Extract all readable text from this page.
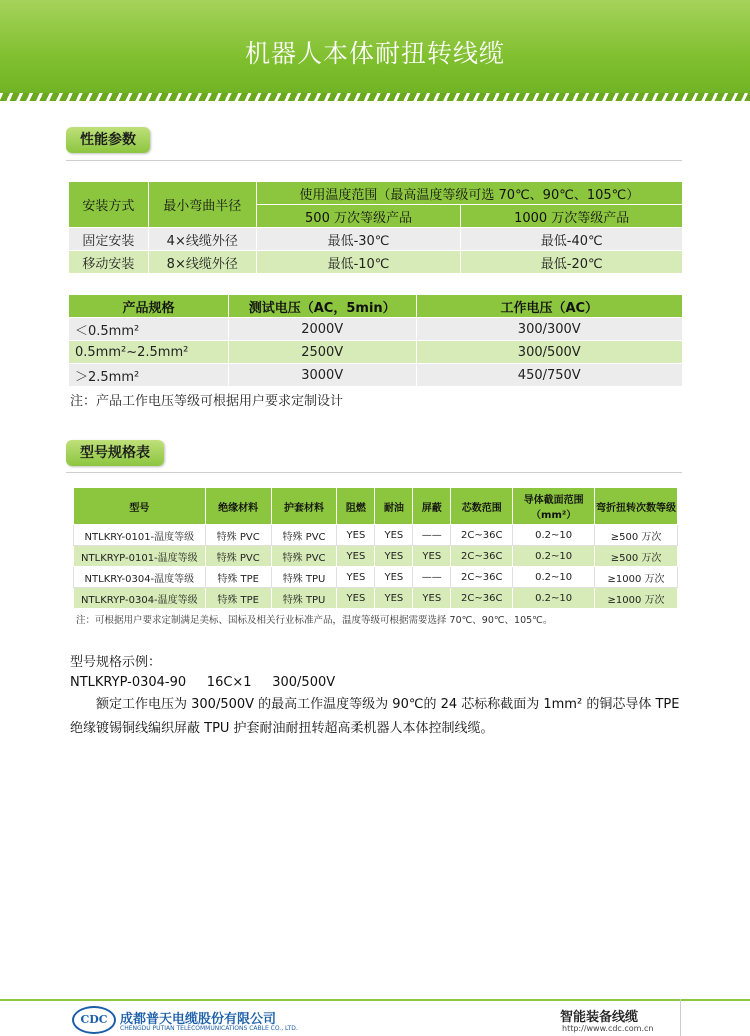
机器人本体耐扭转线缆
性能参数
安装方式	最小弯曲半径	使用温度范围（最高温度等级可选 70℃、90℃、105℃）	
		500 万次等级产品	1000 万次等级产品
固定安装	4×线缆外径	最低-30℃	最低-40℃
移动安装	8×线缆外径	最低-10℃	最低-20℃
产品规格	测试电压（AC，5min）	工作电压（AC）
＜0.5mm²	2000V	300/300V
0.5mm²~2.5mm²	2500V	300/500V
＞2.5mm²	3000V	450/750V
注：产品工作电压等级可根据用户要求定制设计
型号规格表
型号	绝缘材料	护套材料	阻燃	耐油	屏蔽	芯数范围	导体截面范围（mm²）	弯折扭转次数等级
NTLKRY-0101-温度等级	特殊 PVC	特殊 PVC	YES	YES	——	2C~36C	0.2~10	≥500 万次
NTLKRYP-0101-温度等级	特殊 PVC	特殊 PVC	YES	YES	YES	2C~36C	0.2~10	≥500 万次
NTLKRY-0304-温度等级	特殊 TPE	特殊 TPU	YES	YES	——	2C~36C	0.2~10	≥1000 万次
NTLKRYP-0304-温度等级	特殊 TPE	特殊 TPU	YES	YES	YES	2C~36C	0.2~10	≥1000 万次
注：可根据用户要求定制满足美标、国标及相关行业标准产品，温度等级可根据需要选择 70℃、90℃、105℃。
型号规格示例：
NTLKRYP-0304-90     16C×1     300/500V
额定工作电压为 300/500V 的最高工作温度等级为 90℃的 24 芯标称截面为 1mm² 的铜芯导体 TPE 绝缘镀锡铜线编织屏蔽 TPU 护套耐油耐扭转超高柔机器人本体控制线缆。
CDC 成都普天电缆股份有限公司
CHENGDU PUTIAN TELECOMMUNICATIONS CABLE CO., LTD.
智能装备线缆
http://www.cdc.com.cn
